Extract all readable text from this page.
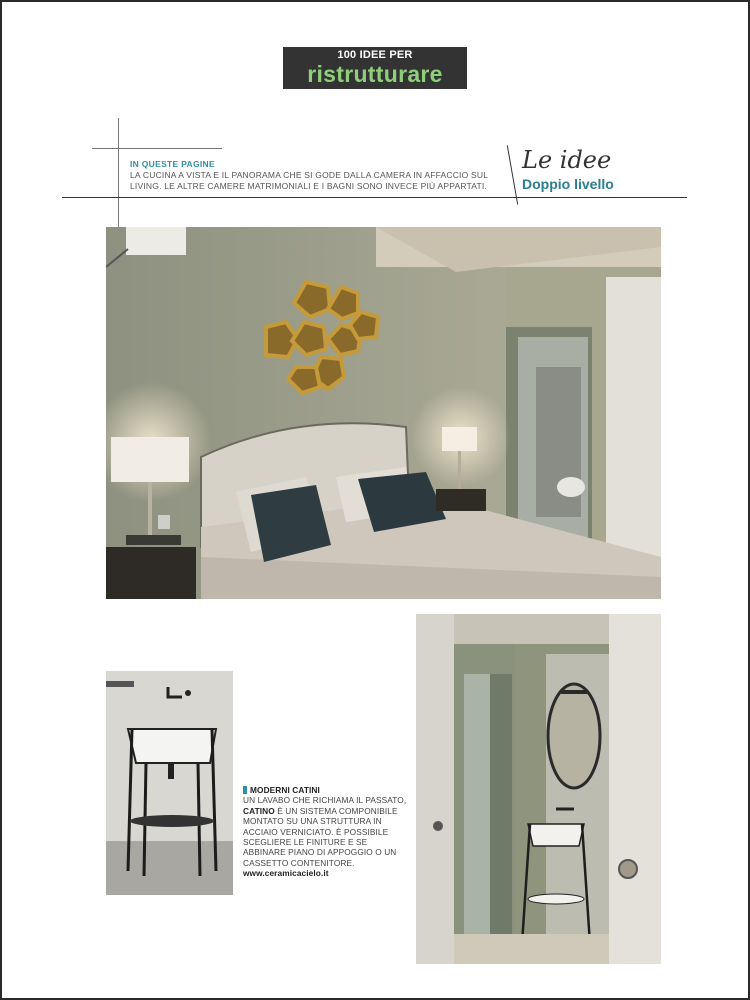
100 IDEE PER
ristrutturare
IN QUESTE PAGINE
LA CUCINA A VISTA E IL PANORAMA CHE SI GODE DALLA CAMERA IN AFFACCIO SUL LIVING. LE ALTRE CAMERE MATRIMONIALI E I BAGNI SONO INVECE PIÙ APPARTATI.
Le idee
Doppio livello
MODERNI CATINI
UN LAVABO CHE RICHIAMA IL PASSATO, CATINO È UN SISTEMA COMPONIBILE MONTATO SU UNA STRUTTURA IN ACCIAIO VERNICIATO. È POSSIBILE SCEGLIERE LE FINITURE E SE ABBINARE PIANO DI APPOGGIO O UN CASSETTO CONTENITORE.
www.ceramicacielo.it
